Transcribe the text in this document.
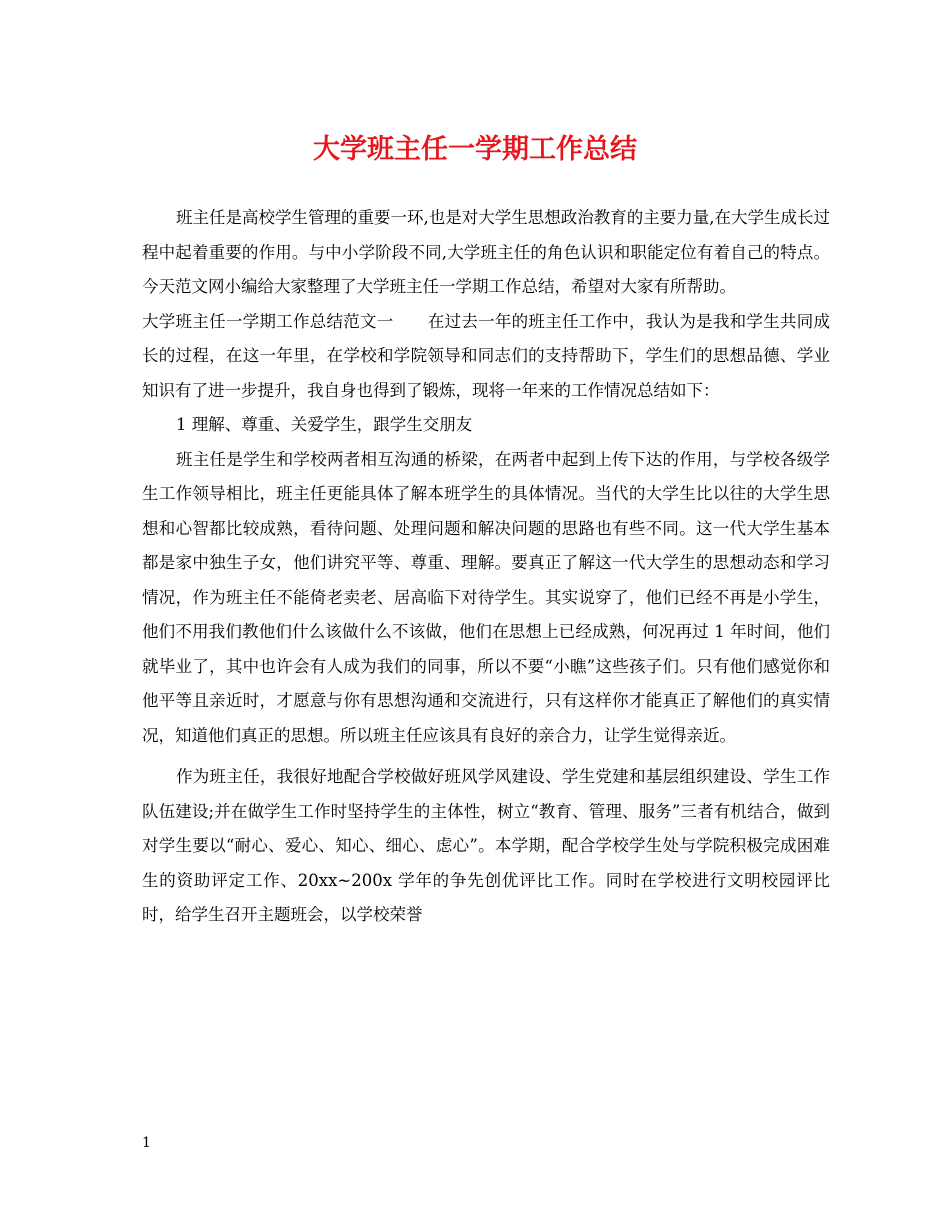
大学班主任一学期工作总结

班主任是高校学生管理的重要一环,也是对大学生思想政治教育的主要力量,在大学生成长过程中起着重要的作用。与中小学阶段不同,大学班主任的角色认识和职能定位有着自己的特点。今天范文网小编给大家整理了大学班主任一学期工作总结，希望对大家有所帮助。

大学班主任一学期工作总结范文一 在过去一年的班主任工作中，我认为是我和学生共同成长的过程，在这一年里，在学校和学院领导和同志们的支持帮助下，学生们的思想品德、学业知识有了进一步提升，我自身也得到了锻炼，现将一年来的工作情况总结如下：

1 理解、尊重、关爱学生，跟学生交朋友

班主任是学生和学校两者相互沟通的桥梁，在两者中起到上传下达的作用，与学校各级学生工作领导相比，班主任更能具体了解本班学生的具体情况。当代的大学生比以往的大学生思想和心智都比较成熟，看待问题、处理问题和解决问题的思路也有些不同。这一代大学生基本都是家中独生子女，他们讲究平等、尊重、理解。要真正了解这一代大学生的思想动态和学习情况，作为班主任不能倚老卖老、居高临下对待学生。其实说穿了，他们已经不再是小学生，他们不用我们教他们什么该做什么不该做，他们在思想上已经成熟，何况再过 1 年时间，他们就毕业了，其中也许会有人成为我们的同事，所以不要“小瞧”这些孩子们。只有他们感觉你和他平等且亲近时，才愿意与你有思想沟通和交流进行，只有这样你才能真正了解他们的真实情况，知道他们真正的思想。所以班主任应该具有良好的亲合力，让学生觉得亲近。

作为班主任，我很好地配合学校做好班风学风建设、学生党建和基层组织建设、学生工作队伍建设;并在做学生工作时坚持学生的主体性，树立“教育、管理、服务”三者有机结合，做到对学生要以“耐心、爱心、知心、细心、虑心”。本学期，配合学校学生处与学院积极完成困难生的资助评定工作、20xx~200x 学年的争先创优评比工作。同时在学校进行文明校园评比时，给学生召开主题班会，以学校荣誉

1
